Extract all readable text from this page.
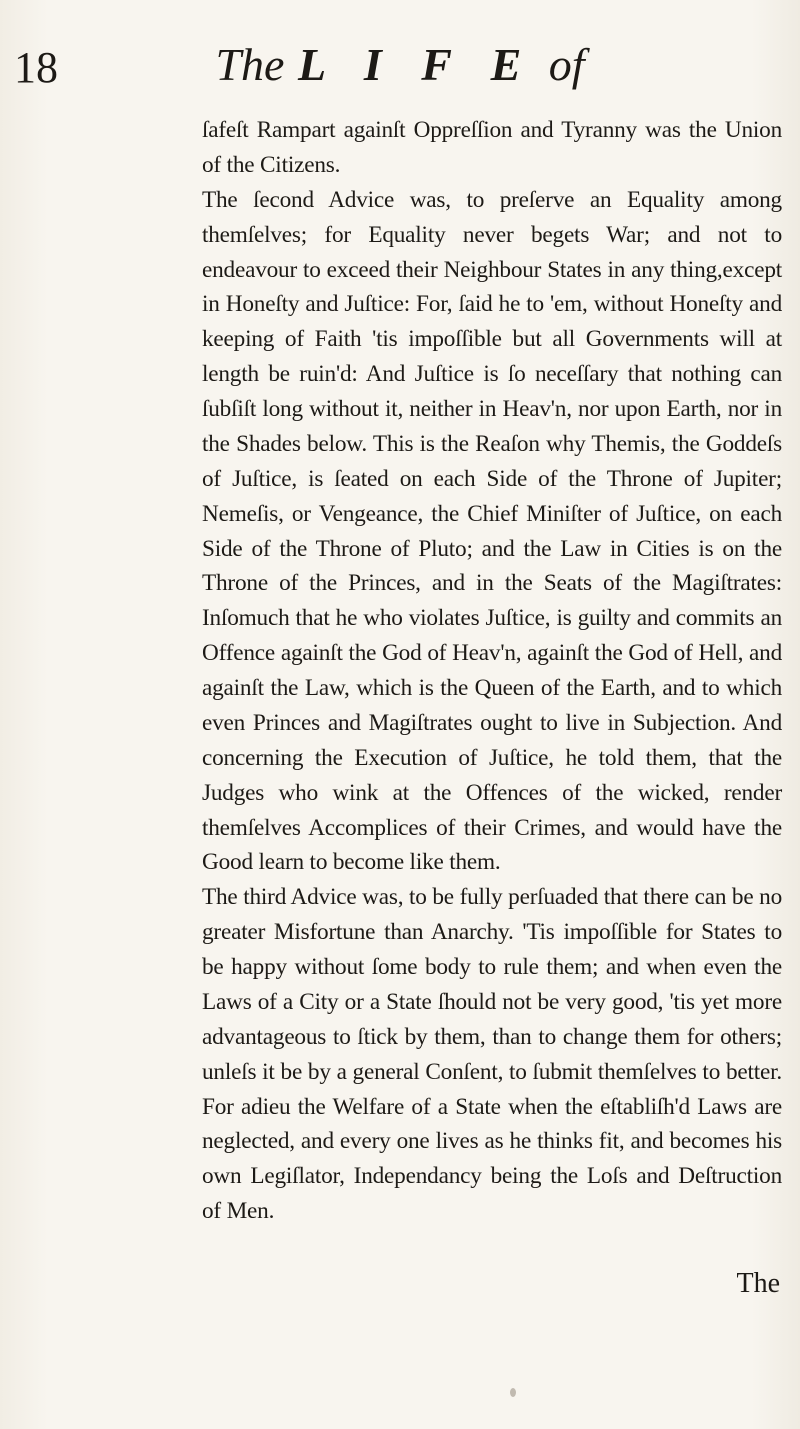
18	The L I F E of

ſafeſt Rampart againſt Oppreſſion and Tyranny was the Union of the Citizens.

The ſecond Advice was, to preſerve an Equality among themſelves; for Equality never begets War; and not to endeavour to exceed their Neighbour States in any thing,except in Honeſty and Juſtice: For, ſaid he to 'em, without Honeſty and keeping of Faith 'tis impoſſible but all Governments will at length be ruin'd: And Juſtice is ſo neceſſary that nothing can ſubſiſt long without it, neither in Heav'n, nor upon Earth, nor in the Shades below. This is the Reaſon why Themis, the Goddeſs of Juſtice, is ſeated on each Side of the Throne of Jupiter; Nemeſis, or Vengeance, the Chief Miniſter of Juſtice, on each Side of the Throne of Pluto; and the Law in Cities is on the Throne of the Princes, and in the Seats of the Magiſtrates: Inſomuch that he who violates Juſtice, is guilty and commits an Offence againſt the God of Heav'n, againſt the God of Hell, and againſt the Law, which is the Queen of the Earth, and to which even Princes and Magiſtrates ought to live in Subjection. And concerning the Execution of Juſtice, he told them, that the Judges who wink at the Offences of the wicked, render themſelves Accomplices of their Crimes, and would have the Good learn to become like them.

The third Advice was, to be fully perſuaded that there can be no greater Misfortune than Anarchy. 'Tis impoſſible for States to be happy without ſome body to rule them; and when even the Laws of a City or a State ſhould not be very good, 'tis yet more advantageous to ſtick by them, than to change them for others; unleſs it be by a general Conſent, to ſubmit themſelves to better. For adieu the Welfare of a State when the eſtabliſh'd Laws are neglected, and every one lives as he thinks fit, and becomes his own Legiſlator, Independancy being the Loſs and Deſtruction of Men.

The
